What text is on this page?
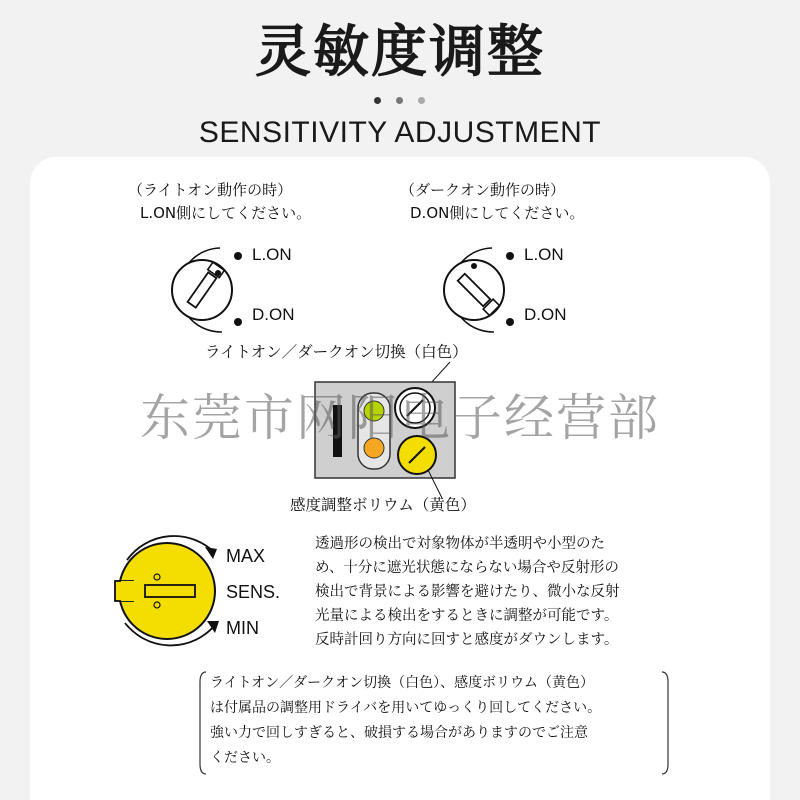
灵敏度调整
SENSITIVITY ADJUSTMENT
（ライトオン動作の時）
L.ON側にしてください。
（ダークオン動作の時）
D.ON側にしてください。
L.ON
D.ON
L.ON
D.ON
ライトオン／ダークオン切換（白色）
感度調整ボリウム（黄色）
东莞市网阳电子经营部
MAX
SENS.
MIN
透過形の検出で対象物体が半透明や小型のた
め、十分に遮光状態にならない場合や反射形の
検出で背景による影響を避けたり、微小な反射
光量による検出をするときに調整が可能です。
反時計回り方向に回すと感度がダウンします。
ライトオン／ダークオン切換（白色）、感度ボリウム（黄色）
は付属品の調整用ドライバを用いてゆっくり回してください。
強い力で回しすぎると、破損する場合がありますのでご注意
ください。
